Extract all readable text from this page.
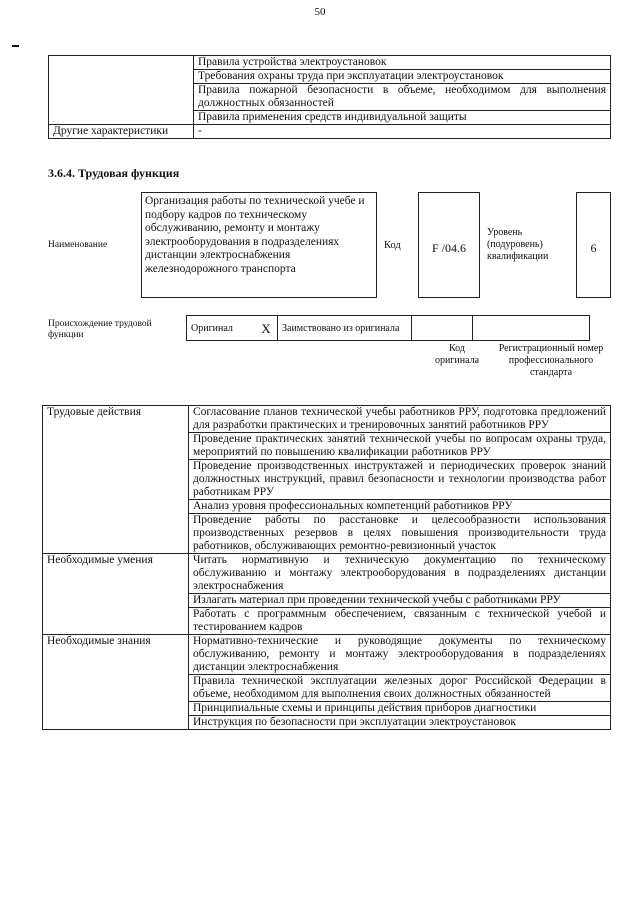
50
	Правила устройства электроустановок
	Требования охраны труда при эксплуатации электроустановок
	Правила пожарной безопасности в объеме, необходимом для выполнения должностных обязанностей
	Правила применения средств индивидуальной защиты
Другие характеристики	-
3.6.4. Трудовая функция
Наименование
Организация работы по технической учебе и подбору кадров по техническому обслуживанию, ремонту и монтажу электрооборудования в подразделениях дистанции электроснабжения железнодорожного транспорта
Код	F /04.6
Уровень (подуровень) квалификации
6
Происхождение трудовой функции
Оригинал	X	Заимствовано из оригинала		
Код оригинала
Регистрационный номер профессионального стандарта
Трудовые действия	Согласование планов технической учебы работников РРУ, подготовка предложений для разработки практических и тренировочных занятий работников РРУ
	Проведение практических занятий технической учебы по вопросам охраны труда, мероприятий по повышению квалификации работников РРУ
	Проведение производственных инструктажей и периодических проверок знаний должностных инструкций, правил безопасности и технологии производства работ работникам РРУ
	Анализ уровня профессиональных компетенций работников РРУ
	Проведение работы по расстановке и целесообразности использования производственных резервов в целях повышения производительности труда работников, обслуживающих ремонтно-ревизионный участок
Необходимые умения	Читать нормативную и техническую документацию по техническому обслуживанию и монтажу электрооборудования в подразделениях дистанции электроснабжения
	Излагать материал при проведении технической учебы с работниками РРУ
	Работать с программным обеспечением, связанным с технической учебой и тестированием кадров
Необходимые знания	Нормативно-технические и руководящие документы по техническому обслуживанию, ремонту и монтажу электрооборудования в подразделениях дистанции электроснабжения
	Правила технической эксплуатации железных дорог Российской Федерации в объеме, необходимом для выполнения своих должностных обязанностей
	Принципиальные схемы и принципы действия приборов диагностики
	Инструкция по безопасности при эксплуатации электроустановок
